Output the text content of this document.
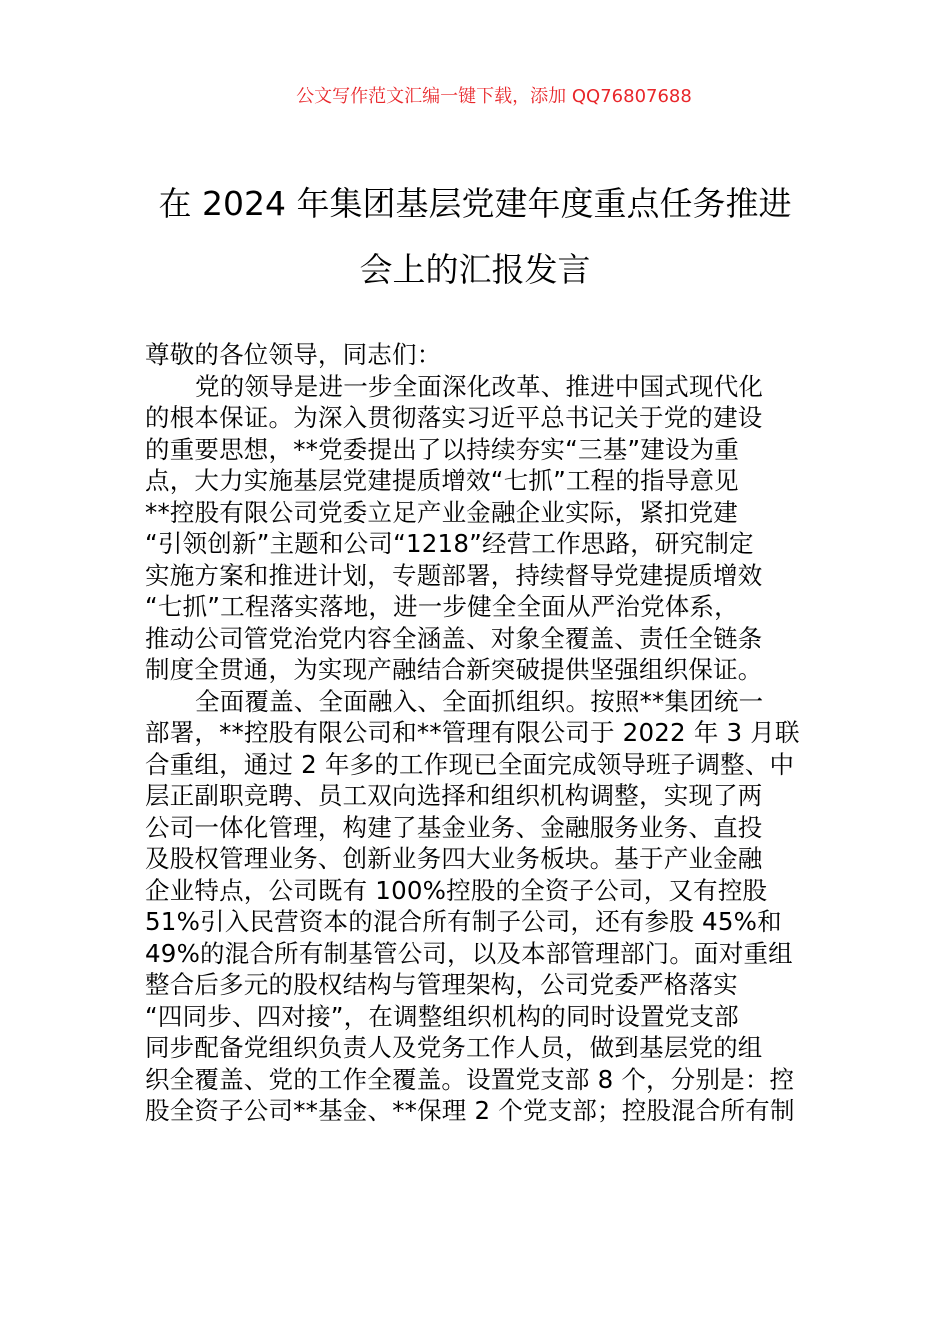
公文写作范文汇编一键下载，添加 QQ76807688
在 2024 年集团基层党建年度重点任务推进
会上的汇报发言
尊敬的各位领导，同志们：
党的领导是进一步全面深化改革、推进中国式现代化
的根本保证。为深入贯彻落实习近平总书记关于党的建设
的重要思想，**党委提出了以持续夯实“三基”建设为重
点，大力实施基层党建提质增效“七抓”工程的指导意见
**控股有限公司党委立足产业金融企业实际，紧扣党建
“引领创新”主题和公司“1218”经营工作思路，研究制定
实施方案和推进计划，专题部署，持续督导党建提质增效
“七抓”工程落实落地，进一步健全全面从严治党体系，
推动公司管党治党内容全涵盖、对象全覆盖、责任全链条
制度全贯通，为实现产融结合新突破提供坚强组织保证。
全面覆盖、全面融入、全面抓组织。按照**集团统一
部署，**控股有限公司和**管理有限公司于 2022 年 3 月联
合重组，通过 2 年多的工作现已全面完成领导班子调整、中
层正副职竞聘、员工双向选择和组织机构调整，实现了两
公司一体化管理，构建了基金业务、金融服务业务、直投
及股权管理业务、创新业务四大业务板块。基于产业金融
企业特点，公司既有 100%控股的全资子公司，又有控股
51%引入民营资本的混合所有制子公司，还有参股 45%和
49%的混合所有制基管公司，以及本部管理部门。面对重组
整合后多元的股权结构与管理架构，公司党委严格落实
“四同步、四对接”，在调整组织机构的同时设置党支部
同步配备党组织负责人及党务工作人员，做到基层党的组
织全覆盖、党的工作全覆盖。设置党支部 8 个，分别是：控
股全资子公司**基金、**保理 2 个党支部；控股混合所有制
